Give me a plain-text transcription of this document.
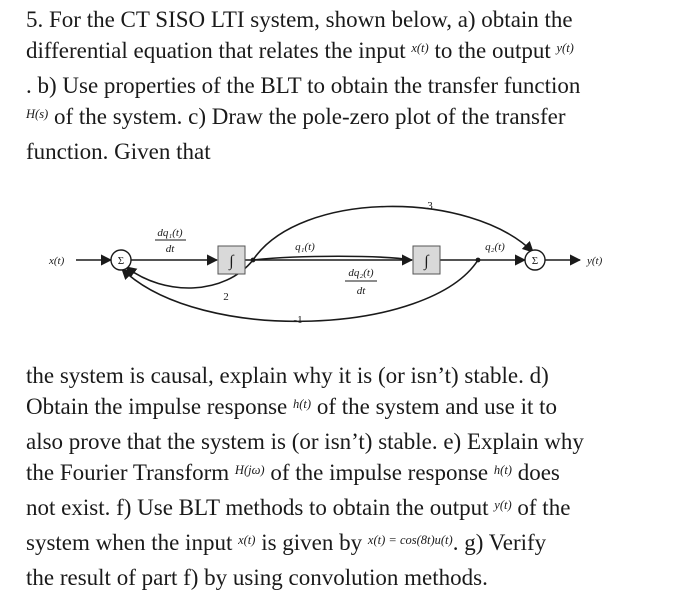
5. For the CT SISO LTI system, shown below, a) obtain the
differential equation that relates the input $^{x(t)}$ to the output $^{y(t)}$
. b) Use properties of the BLT to obtain the transfer function
$^{H(s)}$ of the system. c) Draw the pole-zero plot of the transfer
function. Given that
Σ	Σ
∫	∫
x(t)	y(t)
dq₁(t)
dt	q₁(t)
dq₂(t)
dt
q₂(t)
3
2
-1
the system is causal, explain why it is (or isn’t) stable. d)
Obtain the impulse response $^{h(t)}$ of the system and use it to
also prove that the system is (or isn’t) stable. e) Explain why
the Fourier Transform $^{H(j\omega)}$ of the impulse response $^{h(t)}$ does
not exist. f) Use BLT methods to obtain the output $^{y(t)}$ of the
system when the input $^{x(t)}$ is given by $^{x(t) = cos(8t)u(t)}$. g) Verify
the result of part f) by using convolution methods.
